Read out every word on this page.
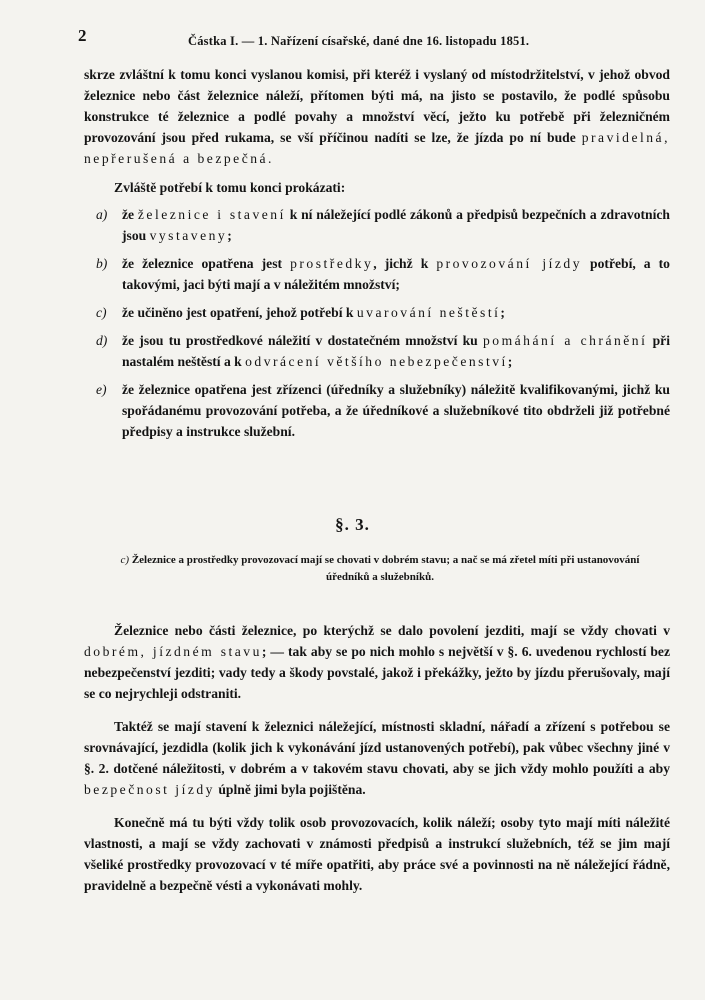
2	Částka I. — 1. Nařízení císařské, dané dne 16. listopadu 1851.

skrze zvláštní k tomu konci vyslanou komisi, při kteréž i vyslaný od místodržitelství, v jehož obvod železnice nebo část železnice náleží, přítomen býti má, na jisto se postavilo, že podlé spůsobu konstrukce té železnice a podlé povahy a množství věcí, ježto ku potřebě při železničném provozování jsou před rukama, se vší příčinou nadíti se lze, že jízda po ní bude pravidelná, nepřerušená a bezpečná.

Zvláště potřebí k tomu konci prokázati:

a) že železnice i stavení k ní náležející podlé zákonů a předpisů bezpečních a zdravotních jsou vystaveny;
b) že železnice opatřena jest prostředky, jichž k provozování jízdy potřebí, a to takovými, jaci býti mají a v náležitém množství;
c) že učiněno jest opatření, jehož potřebí k uvarování neštěstí;
d) že jsou tu prostředkové náležití v dostatečném množství ku pomáhání a chránění při nastalém neštěstí a k odvrácení většího nebezpečenství;
e) že železnice opatřena jest zřízenci (úředníky a služebníky) náležitě kvalifikovanými, jichž ku spořádanému provozování potřeba, a že úředníkové a služebníkové tito obdrželi již potřebné předpisy a instrukce služební.
§. 3.
c) Železnice a prostředky provozovací mají se chovati v dobrém stavu; a nač se má zřetel míti při ustanovování úředníků a služebníků.

Železnice nebo části železnice, po kterýchž se dalo povolení jezditi, mají se vždy chovati v dobrém, jízdném stavu; — tak aby se po nich mohlo s největší v §. 6. uvedenou rychlostí bez nebezpečenství jezditi; vady tedy a škody povstalé, jakož i překážky, ježto by jízdu přerušovaly, mají se co nejrychleji odstraniti.

Taktéž se mají stavení k železnici náležející, místnosti skladní, nářadí a zřízení s potřebou se srovnávající, jezdidla (kolik jich k vykonávání jízd ustanovených potřebí), pak vůbec všechny jiné v §. 2. dotčené náležitosti, v dobrém a v takovém stavu chovati, aby se jich vždy mohlo použíti a aby bezpečnost jízdy úplně jimi byla pojištěna.

Konečně má tu býti vždy tolik osob provozovacích, kolik náleží; osoby tyto mají míti náležité vlastnosti, a mají se vždy zachovati v známosti předpisů a instrukcí služebních, též se jim mají všeliké prostředky provozovací v té míře opatřiti, aby práce své a povinnosti na ně náležející řádně, pravidelně a bezpečně vésti a vykonávati mohly.
